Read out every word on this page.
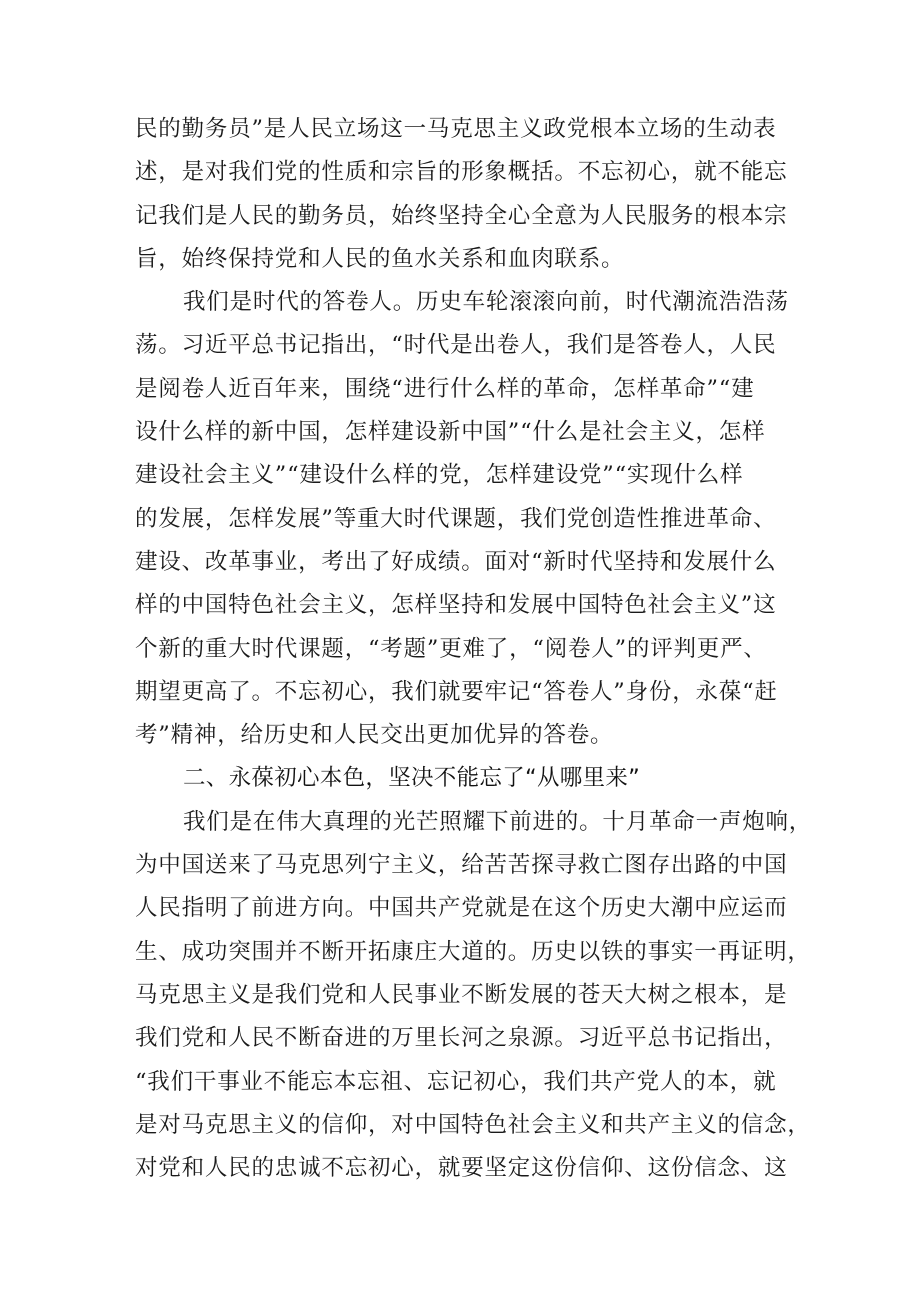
民的勤务员”是人民立场这一马克思主义政党根本立场的生动表
述，是对我们党的性质和宗旨的形象概括。不忘初心，就不能忘
记我们是人民的勤务员，始终坚持全心全意为人民服务的根本宗
旨，始终保持党和人民的鱼水关系和血肉联系。
我们是时代的答卷人。历史车轮滚滚向前，时代潮流浩浩荡
荡。习近平总书记指出，“时代是出卷人，我们是答卷人，人民
是阅卷人近百年来，围绕“进行什么样的革命，怎样革命”“建
设什么样的新中国，怎样建设新中国”“什么是社会主义，怎样
建设社会主义”“建设什么样的党，怎样建设党”“实现什么样
的发展，怎样发展”等重大时代课题，我们党创造性推进革命、
建设、改革事业，考出了好成绩。面对“新时代坚持和发展什么
样的中国特色社会主义，怎样坚持和发展中国特色社会主义”这
个新的重大时代课题，“考题”更难了，“阅卷人”的评判更严、
期望更高了。不忘初心，我们就要牢记“答卷人”身份，永葆“赶
考”精神，给历史和人民交出更加优异的答卷。
二、永葆初心本色，坚决不能忘了“从哪里来”
我们是在伟大真理的光芒照耀下前进的。十月革命一声炮响，
为中国送来了马克思列宁主义，给苦苦探寻救亡图存出路的中国
人民指明了前进方向。中国共产党就是在这个历史大潮中应运而
生、成功突围并不断开拓康庄大道的。历史以铁的事实一再证明，
马克思主义是我们党和人民事业不断发展的苍天大树之根本，是
我们党和人民不断奋进的万里长河之泉源。习近平总书记指出，
“我们干事业不能忘本忘祖、忘记初心，我们共产党人的本，就
是对马克思主义的信仰，对中国特色社会主义和共产主义的信念，
对党和人民的忠诚不忘初心，就要坚定这份信仰、这份信念、这
